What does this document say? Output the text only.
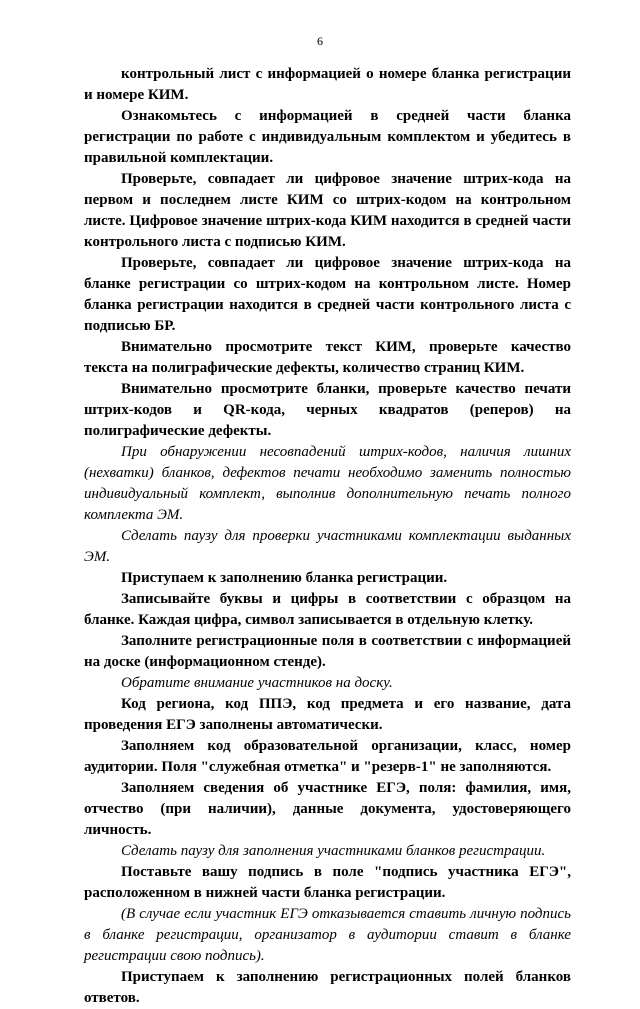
6

контрольный лист с информацией о номере бланка регистрации и номере КИМ.

Ознакомьтесь с информацией в средней части бланка регистрации по работе с индивидуальным комплектом и убедитесь в правильной комплектации.

Проверьте, совпадает ли цифровое значение штрих-кода на первом и последнем листе КИМ со штрих-кодом на контрольном листе. Цифровое значение штрих-кода КИМ находится в средней части контрольного листа с подписью КИМ.

Проверьте, совпадает ли цифровое значение штрих-кода на бланке регистрации со штрих-кодом на контрольном листе. Номер бланка регистрации находится в средней части контрольного листа с подписью БР.

Внимательно просмотрите текст КИМ, проверьте качество текста на полиграфические дефекты, количество страниц КИМ.

Внимательно просмотрите бланки, проверьте качество печати штрих-кодов и QR-кода, черных квадратов (реперов) на полиграфические дефекты.

При обнаружении несовпадений штрих-кодов, наличия лишних (нехватки) бланков, дефектов печати необходимо заменить полностью индивидуальный комплект, выполнив дополнительную печать полного комплекта ЭМ.

Сделать паузу для проверки участниками комплектации выданных ЭМ.

Приступаем к заполнению бланка регистрации.

Записывайте буквы и цифры в соответствии с образцом на бланке. Каждая цифра, символ записывается в отдельную клетку.

Заполните регистрационные поля в соответствии с информацией на доске (информационном стенде).

Обратите внимание участников на доску.

Код региона, код ППЭ, код предмета и его название, дата проведения ЕГЭ заполнены автоматически.

Заполняем код образовательной организации, класс, номер аудитории. Поля "служебная отметка" и "резерв-1" не заполняются.

Заполняем сведения об участнике ЕГЭ, поля: фамилия, имя, отчество (при наличии), данные документа, удостоверяющего личность.

Сделать паузу для заполнения участниками бланков регистрации.

Поставьте вашу подпись в поле "подпись участника ЕГЭ", расположенном в нижней части бланка регистрации.

(В случае если участник ЕГЭ отказывается ставить личную подпись в бланке регистрации, организатор в аудитории ставит в бланке регистрации свою подпись).

Приступаем к заполнению регистрационных полей бланков ответов.
